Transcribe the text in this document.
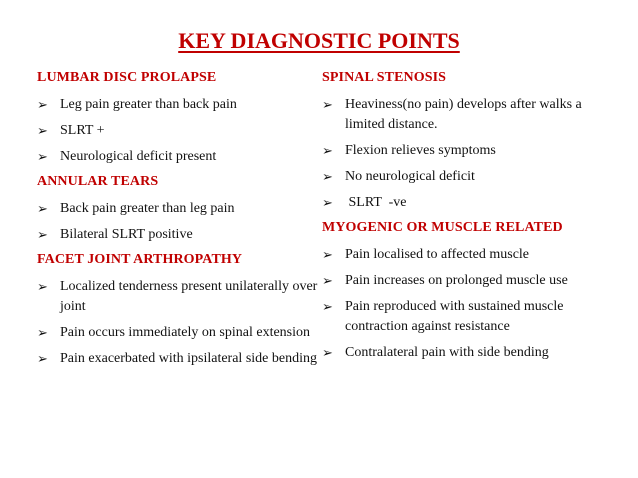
KEY DIAGNOSTIC POINTS
LUMBAR DISC PROLAPSE
➢ Leg pain greater than back pain
➢ SLRT +
➢ Neurological deficit present
ANNULAR TEARS
➢ Back pain greater than leg pain
➢ Bilateral SLRT positive
FACET JOINT ARTHROPATHY
➢ Localized tenderness present unilaterally over joint
➢ Pain occurs immediately on spinal extension
➢ Pain exacerbated with ipsilateral side bending
SPINAL STENOSIS
➢ Heaviness(no pain) develops after walks a limited distance.
➢ Flexion relieves symptoms
➢ No neurological deficit
➢ SLRT  -ve
MYOGENIC OR MUSCLE RELATED
➢ Pain localised to affected muscle
➢ Pain increases on prolonged muscle use
➢ Pain reproduced with sustained muscle contraction against resistance
➢ Contralateral pain with side bending
